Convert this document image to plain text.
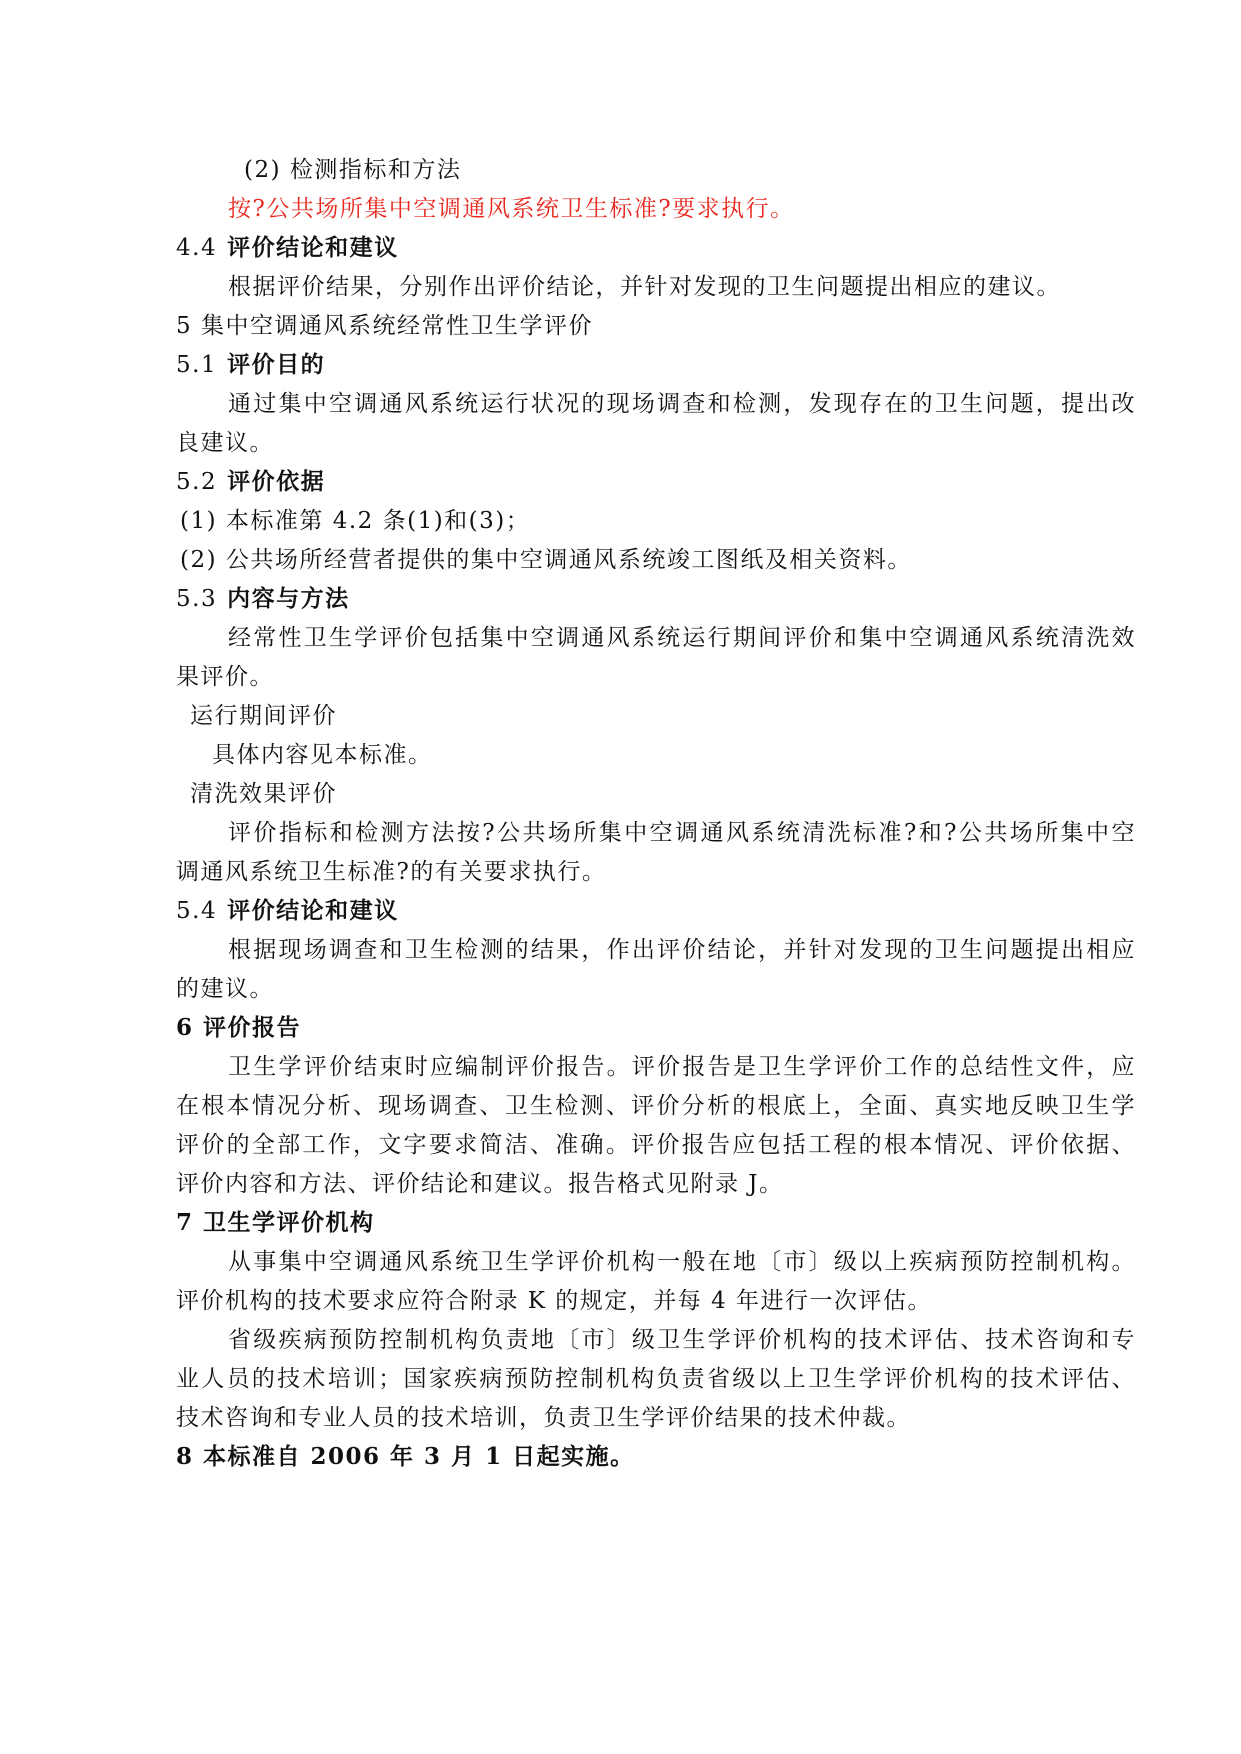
(2) 检测指标和方法
按?公共场所集中空调通风系统卫生标准?要求执行。
4.4 评价结论和建议
根据评价结果，分别作出评价结论，并针对发现的卫生问题提出相应的建议。
5 集中空调通风系统经常性卫生学评价
5.1 评价目的
通过集中空调通风系统运行状况的现场调查和检测，发现存在的卫生问题，提出改
良建议。
5.2 评价依据
(1) 本标准第 4.2 条(1)和(3)；
(2) 公共场所经营者提供的集中空调通风系统竣工图纸及相关资料。
5.3 内容与方法
经常性卫生学评价包括集中空调通风系统运行期间评价和集中空调通风系统清洗效
果评价。
运行期间评价
具体内容见本标准。
清洗效果评价
评价指标和检测方法按?公共场所集中空调通风系统清洗标准?和?公共场所集中空
调通风系统卫生标准?的有关要求执行。
5.4 评价结论和建议
根据现场调查和卫生检测的结果，作出评价结论，并针对发现的卫生问题提出相应
的建议。
6 评价报告
卫生学评价结束时应编制评价报告。评价报告是卫生学评价工作的总结性文件，应
在根本情况分析、现场调查、卫生检测、评价分析的根底上，全面、真实地反映卫生学
评价的全部工作，文字要求简洁、准确。评价报告应包括工程的根本情况、评价依据、
评价内容和方法、评价结论和建议。报告格式见附录 J。
7 卫生学评价机构
从事集中空调通风系统卫生学评价机构一般在地〔市〕级以上疾病预防控制机构。
评价机构的技术要求应符合附录 K 的规定，并每 4 年进行一次评估。
省级疾病预防控制机构负责地〔市〕级卫生学评价机构的技术评估、技术咨询和专
业人员的技术培训；国家疾病预防控制机构负责省级以上卫生学评价机构的技术评估、
技术咨询和专业人员的技术培训，负责卫生学评价结果的技术仲裁。
8 本标准自 2006 年 3 月 1 日起实施。
